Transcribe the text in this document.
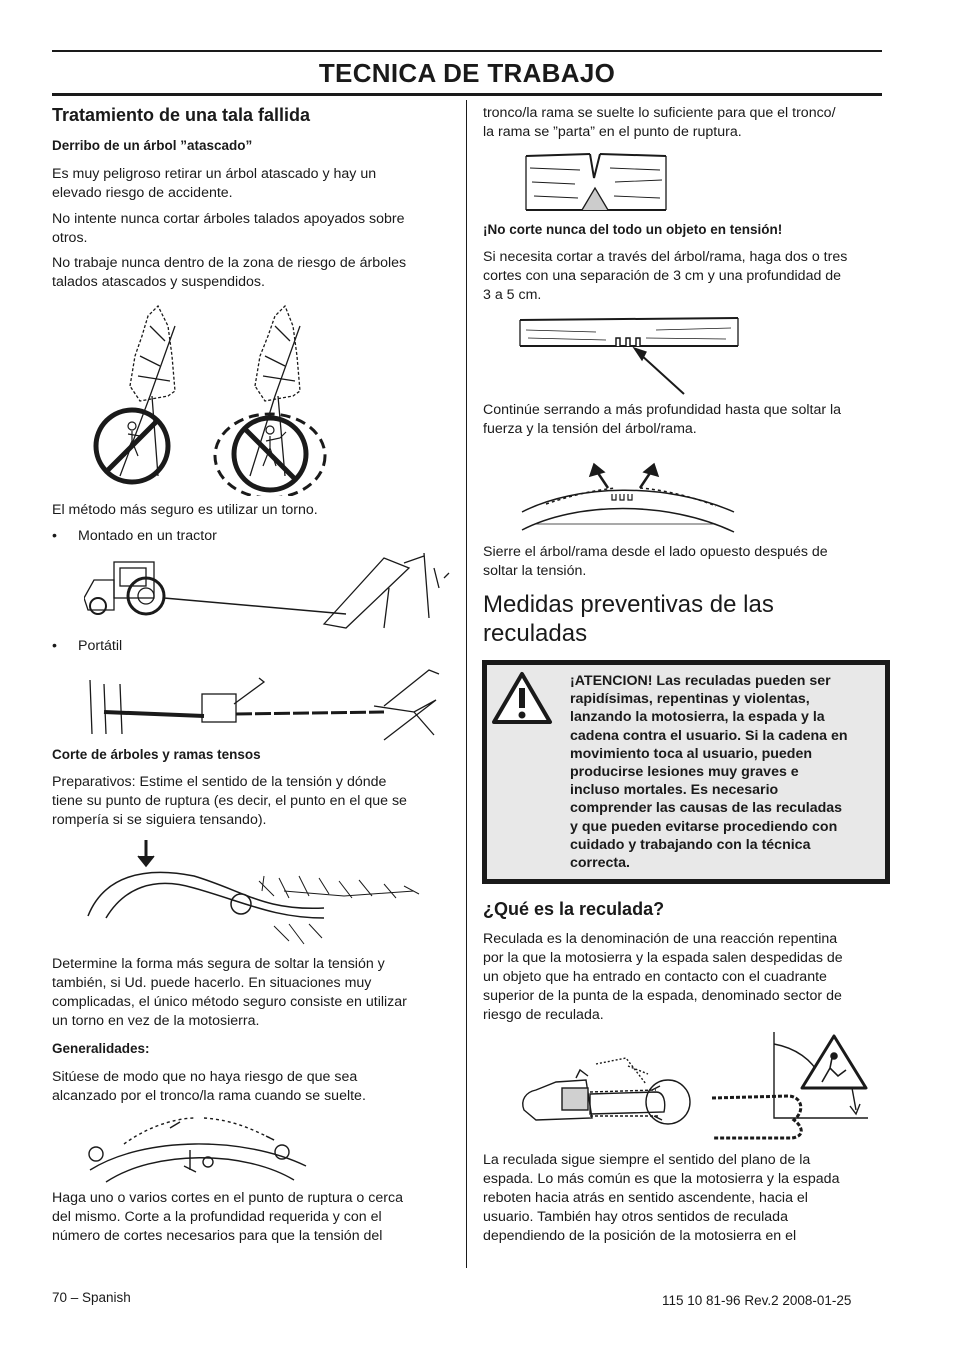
TECNICA DE TRABAJO
Tratamiento de una tala fallida
Derribo de un árbol ”atascado”
Es muy peligroso retirar un árbol atascado y hay un
elevado riesgo de accidente.
No intente nunca cortar árboles talados apoyados sobre
otros.
No trabaje nunca dentro de la zona de riesgo de árboles
talados atascados y suspendidos.
El método más seguro es utilizar un torno.
• Montado en un tractor
• Portátil
Corte de árboles y ramas tensos
Preparativos: Estime el sentido de la tensión y dónde
tiene su punto de ruptura (es decir, el punto en el que se
rompería si se siguiera tensando).
Determine la forma más segura de soltar la tensión y
también, si Ud. puede hacerlo. En situaciones muy
complicadas, el único método seguro consiste en utilizar
un torno en vez de la motosierra.
Generalidades:
Sitúese de modo que no haya riesgo de que sea
alcanzado por el tronco/la rama cuando se suelte.
Haga uno o varios cortes en el punto de ruptura o cerca
del mismo. Corte a la profundidad requerida y con el
número de cortes necesarios para que la tensión del
tronco/la rama se suelte lo suficiente para que el tronco/
la rama se ”parta” en el punto de ruptura.
¡No corte nunca del todo un objeto en tensión!
Si necesita cortar a través del árbol/rama, haga dos o tres
cortes con una separación de 3 cm y una profundidad de
3 a 5 cm.
Continúe serrando a más profundidad hasta que soltar la
fuerza y la tensión del árbol/rama.
Sierre el árbol/rama desde el lado opuesto después de
soltar la tensión.
Medidas preventivas de las
reculadas
¡ATENCION! Las reculadas pueden ser
rapidísimas, repentinas y violentas,
lanzando la motosierra, la espada y la
cadena contra el usuario. Si la cadena en
movimiento toca al usuario, pueden
producirse lesiones muy graves e
incluso mortales. Es necesario
comprender las causas de las reculadas
y que pueden evitarse procediendo con
cuidado y trabajando con la técnica
correcta.
¿Qué es la reculada?
Reculada es la denominación de una reacción repentina
por la que la motosierra y la espada salen despedidas de
un objeto que ha entrado en contacto con el cuadrante
superior de la punta de la espada, denominado sector de
riesgo de reculada.
La reculada sigue siempre el sentido del plano de la
espada. Lo más común es que la motosierra y la espada
reboten hacia atrás en sentido ascendente, hacia el
usuario. También hay otros sentidos de reculada
dependiendo de la posición de la motosierra en el
70 – Spanish	115 10 81-96 Rev.2 2008-01-25
